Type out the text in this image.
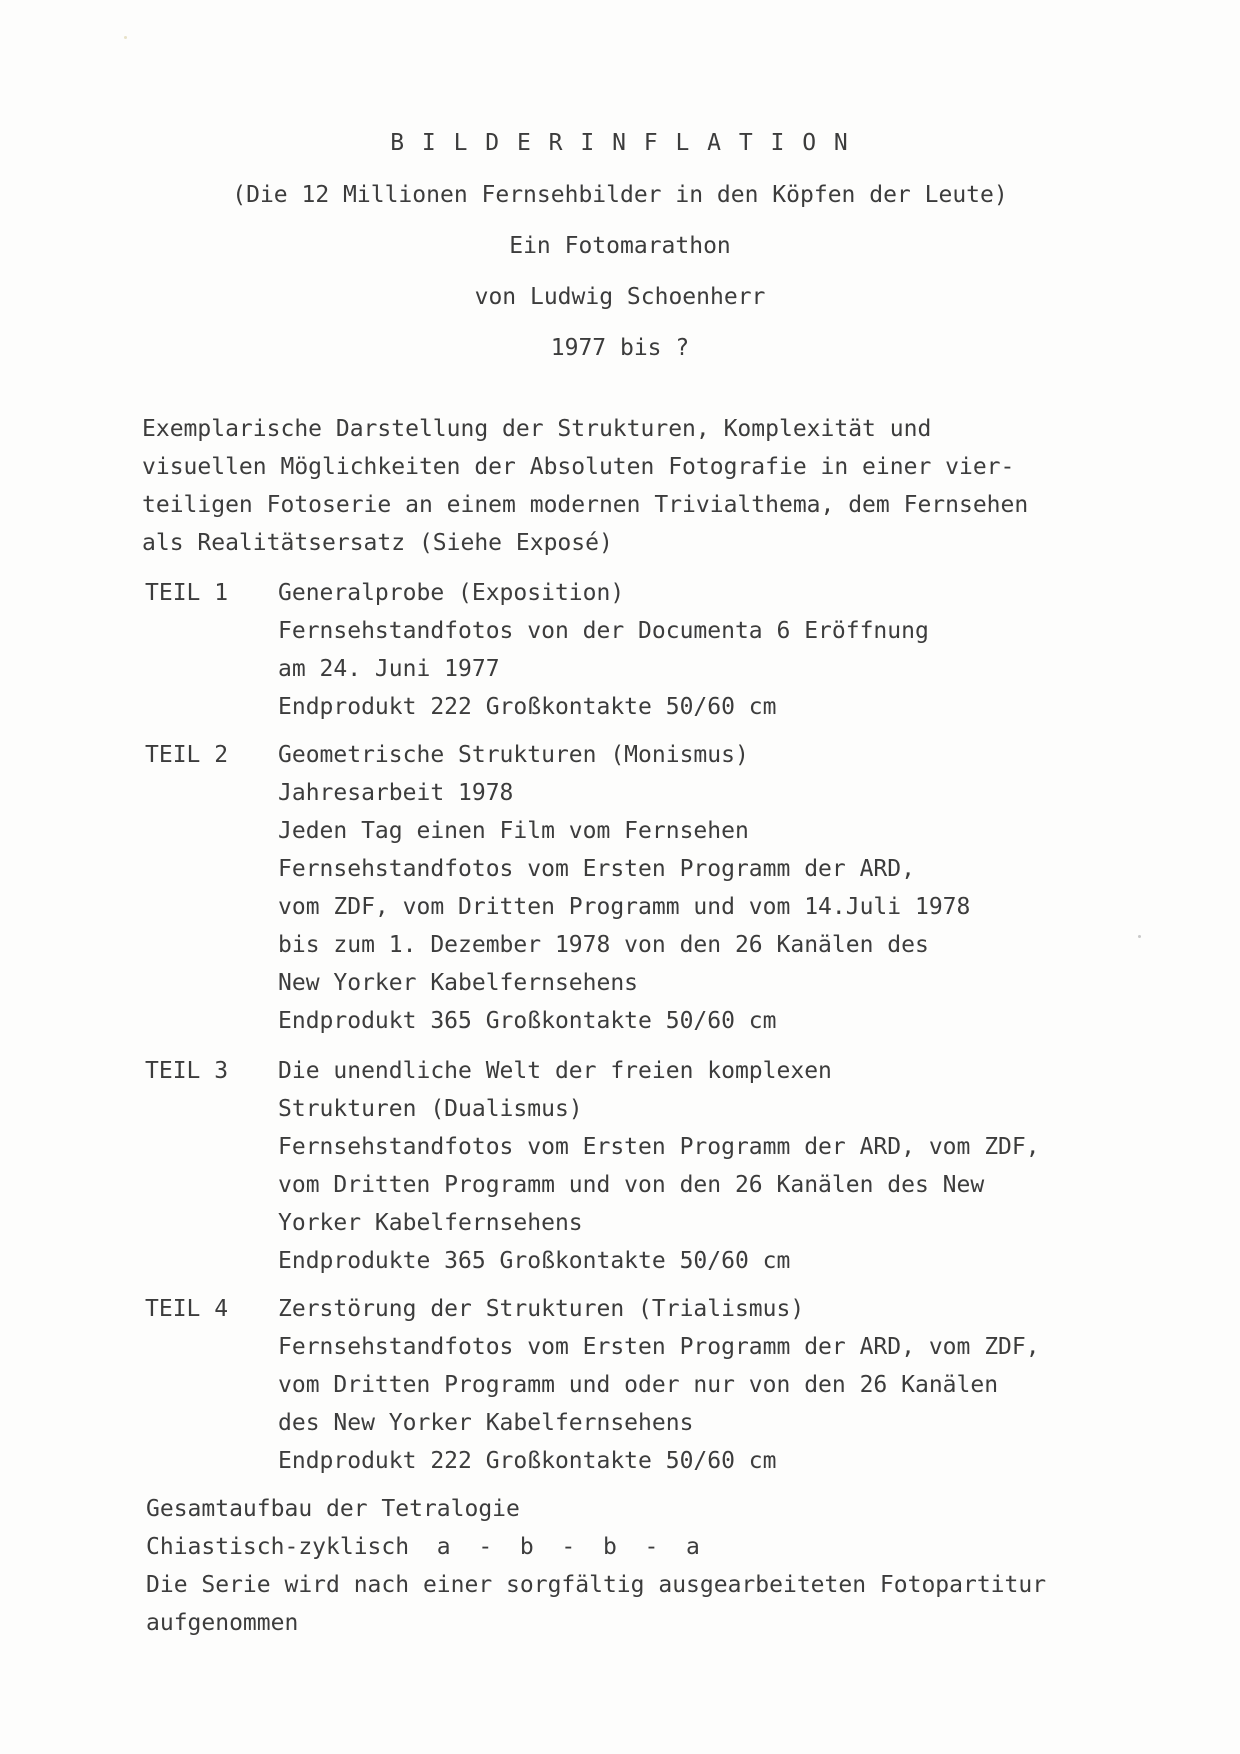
B I L D E R I N F L A T I O N
(Die 12 Millionen Fernsehbilder in den Köpfen der Leute)
Ein Fotomarathon
von Ludwig Schoenherr
1977 bis ?
Exemplarische Darstellung der Strukturen, Komplexität und
visuellen Möglichkeiten der Absoluten Fotografie in einer vier-
teiligen Fotoserie an einem modernen Trivialthema, dem Fernsehen
als Realitätsersatz (Siehe Exposé)
TEIL 1 Generalprobe (Exposition)
Fernsehstandfotos von der Documenta 6 Eröffnung
am 24. Juni 1977
Endprodukt 222 Großkontakte 50/60 cm
TEIL 2 Geometrische Strukturen (Monismus)
Jahresarbeit 1978
Jeden Tag einen Film vom Fernsehen
Fernsehstandfotos vom Ersten Programm der ARD,
vom ZDF, vom Dritten Programm und vom 14.Juli 1978
bis zum 1. Dezember 1978 von den 26 Kanälen des
New Yorker Kabelfernsehens
Endprodukt 365 Großkontakte 50/60 cm
TEIL 3 Die unendliche Welt der freien komplexen
Strukturen (Dualismus)
Fernsehstandfotos vom Ersten Programm der ARD, vom ZDF,
vom Dritten Programm und von den 26 Kanälen des New
Yorker Kabelfernsehens
Endprodukte 365 Großkontakte 50/60 cm
TEIL 4 Zerstörung der Strukturen (Trialismus)
Fernsehstandfotos vom Ersten Programm der ARD, vom ZDF,
vom Dritten Programm und oder nur von den 26 Kanälen
des New Yorker Kabelfernsehens
Endprodukt 222 Großkontakte 50/60 cm
Gesamtaufbau der Tetralogie
Chiastisch-zyklisch  a  -  b  -  b  -  a
Die Serie wird nach einer sorgfältig ausgearbeiteten Fotopartitur
aufgenommen
